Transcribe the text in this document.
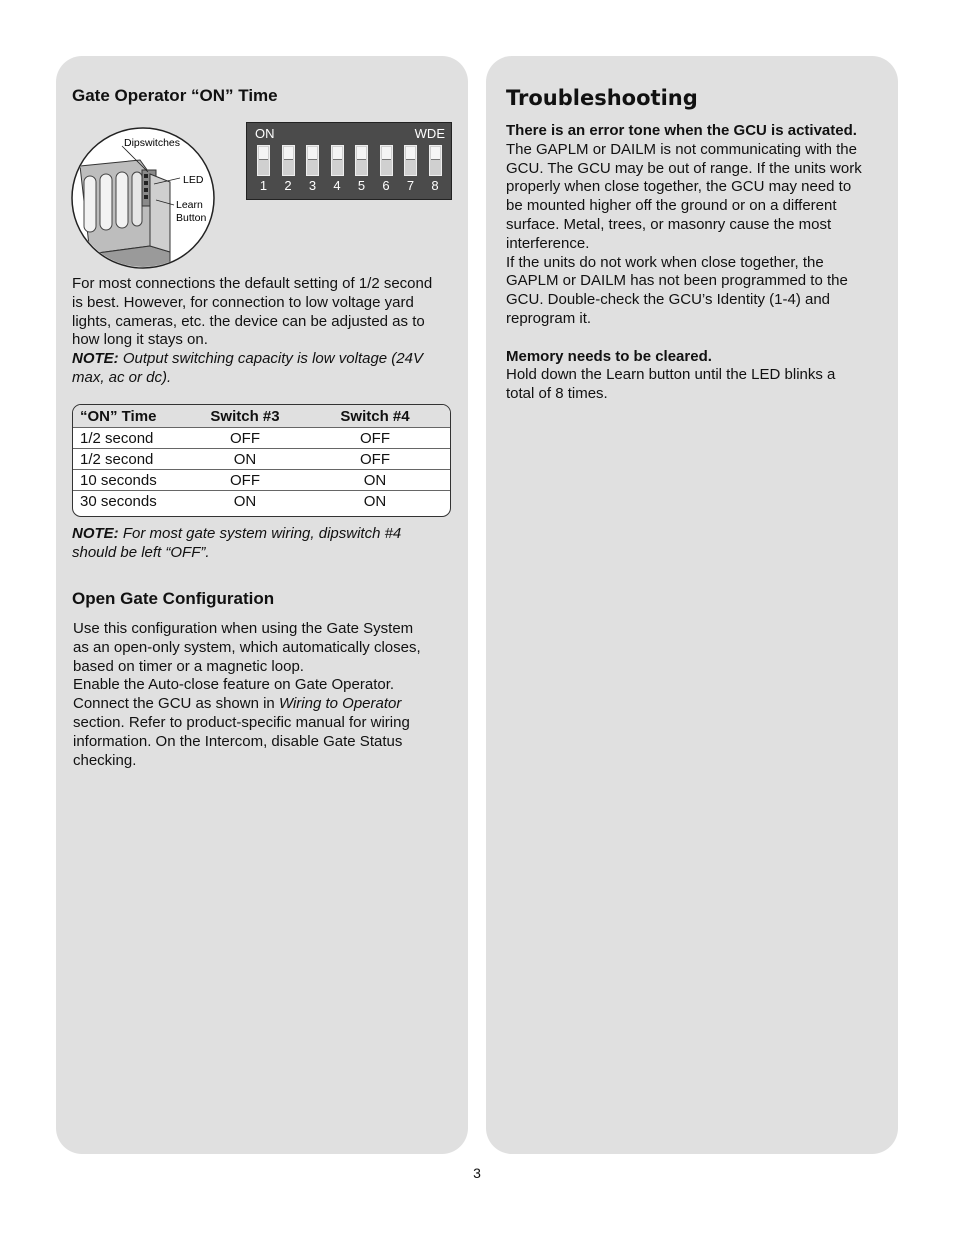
Gate Operator “ON” Time
Dipswitches
LED
Learn
Button
ON	WDE
1 2 3 4 5 6 7 8

For most connections the default setting of 1/2 second

is best. However, for connection to low voltage yard

lights, cameras, etc. the device can be adjusted as to

how long it stays on.

NOTE: Output switching capacity is low voltage (24V

max, ac or dc).

“ON” Time	Switch #3	Switch #4
1/2 second	OFF	OFF
1/2 second	ON	OFF
10 seconds	OFF	ON
30 seconds	ON	ON

NOTE: For most gate system wiring, dipswitch #4

should be left “OFF”.

Open Gate Configuration

Use this configuration when using the Gate System

as an open-only system, which automatically closes,

based on timer or a magnetic loop.

Enable the Auto-close feature on Gate Operator.

Connect the GCU as shown in Wiring to Operator

section. Refer to product-specific manual for wiring

information. On the Intercom, disable Gate Status

checking.

Troubleshooting

There is an error tone when the GCU is activated.

The GAPLM or DAILM is not communicating with the

GCU. The GCU may be out of range. If the units work

properly when close together, the GCU may need to

be mounted higher off the ground or on a different

surface. Metal, trees, or masonry cause the most

interference.

If the units do not work when close together, the

GAPLM or DAILM has not been programmed to the

GCU. Double-check the GCU’s Identity (1-4) and

reprogram it.

Memory needs to be cleared.

Hold down the Learn button until the LED blinks a

total of 8 times.

3
